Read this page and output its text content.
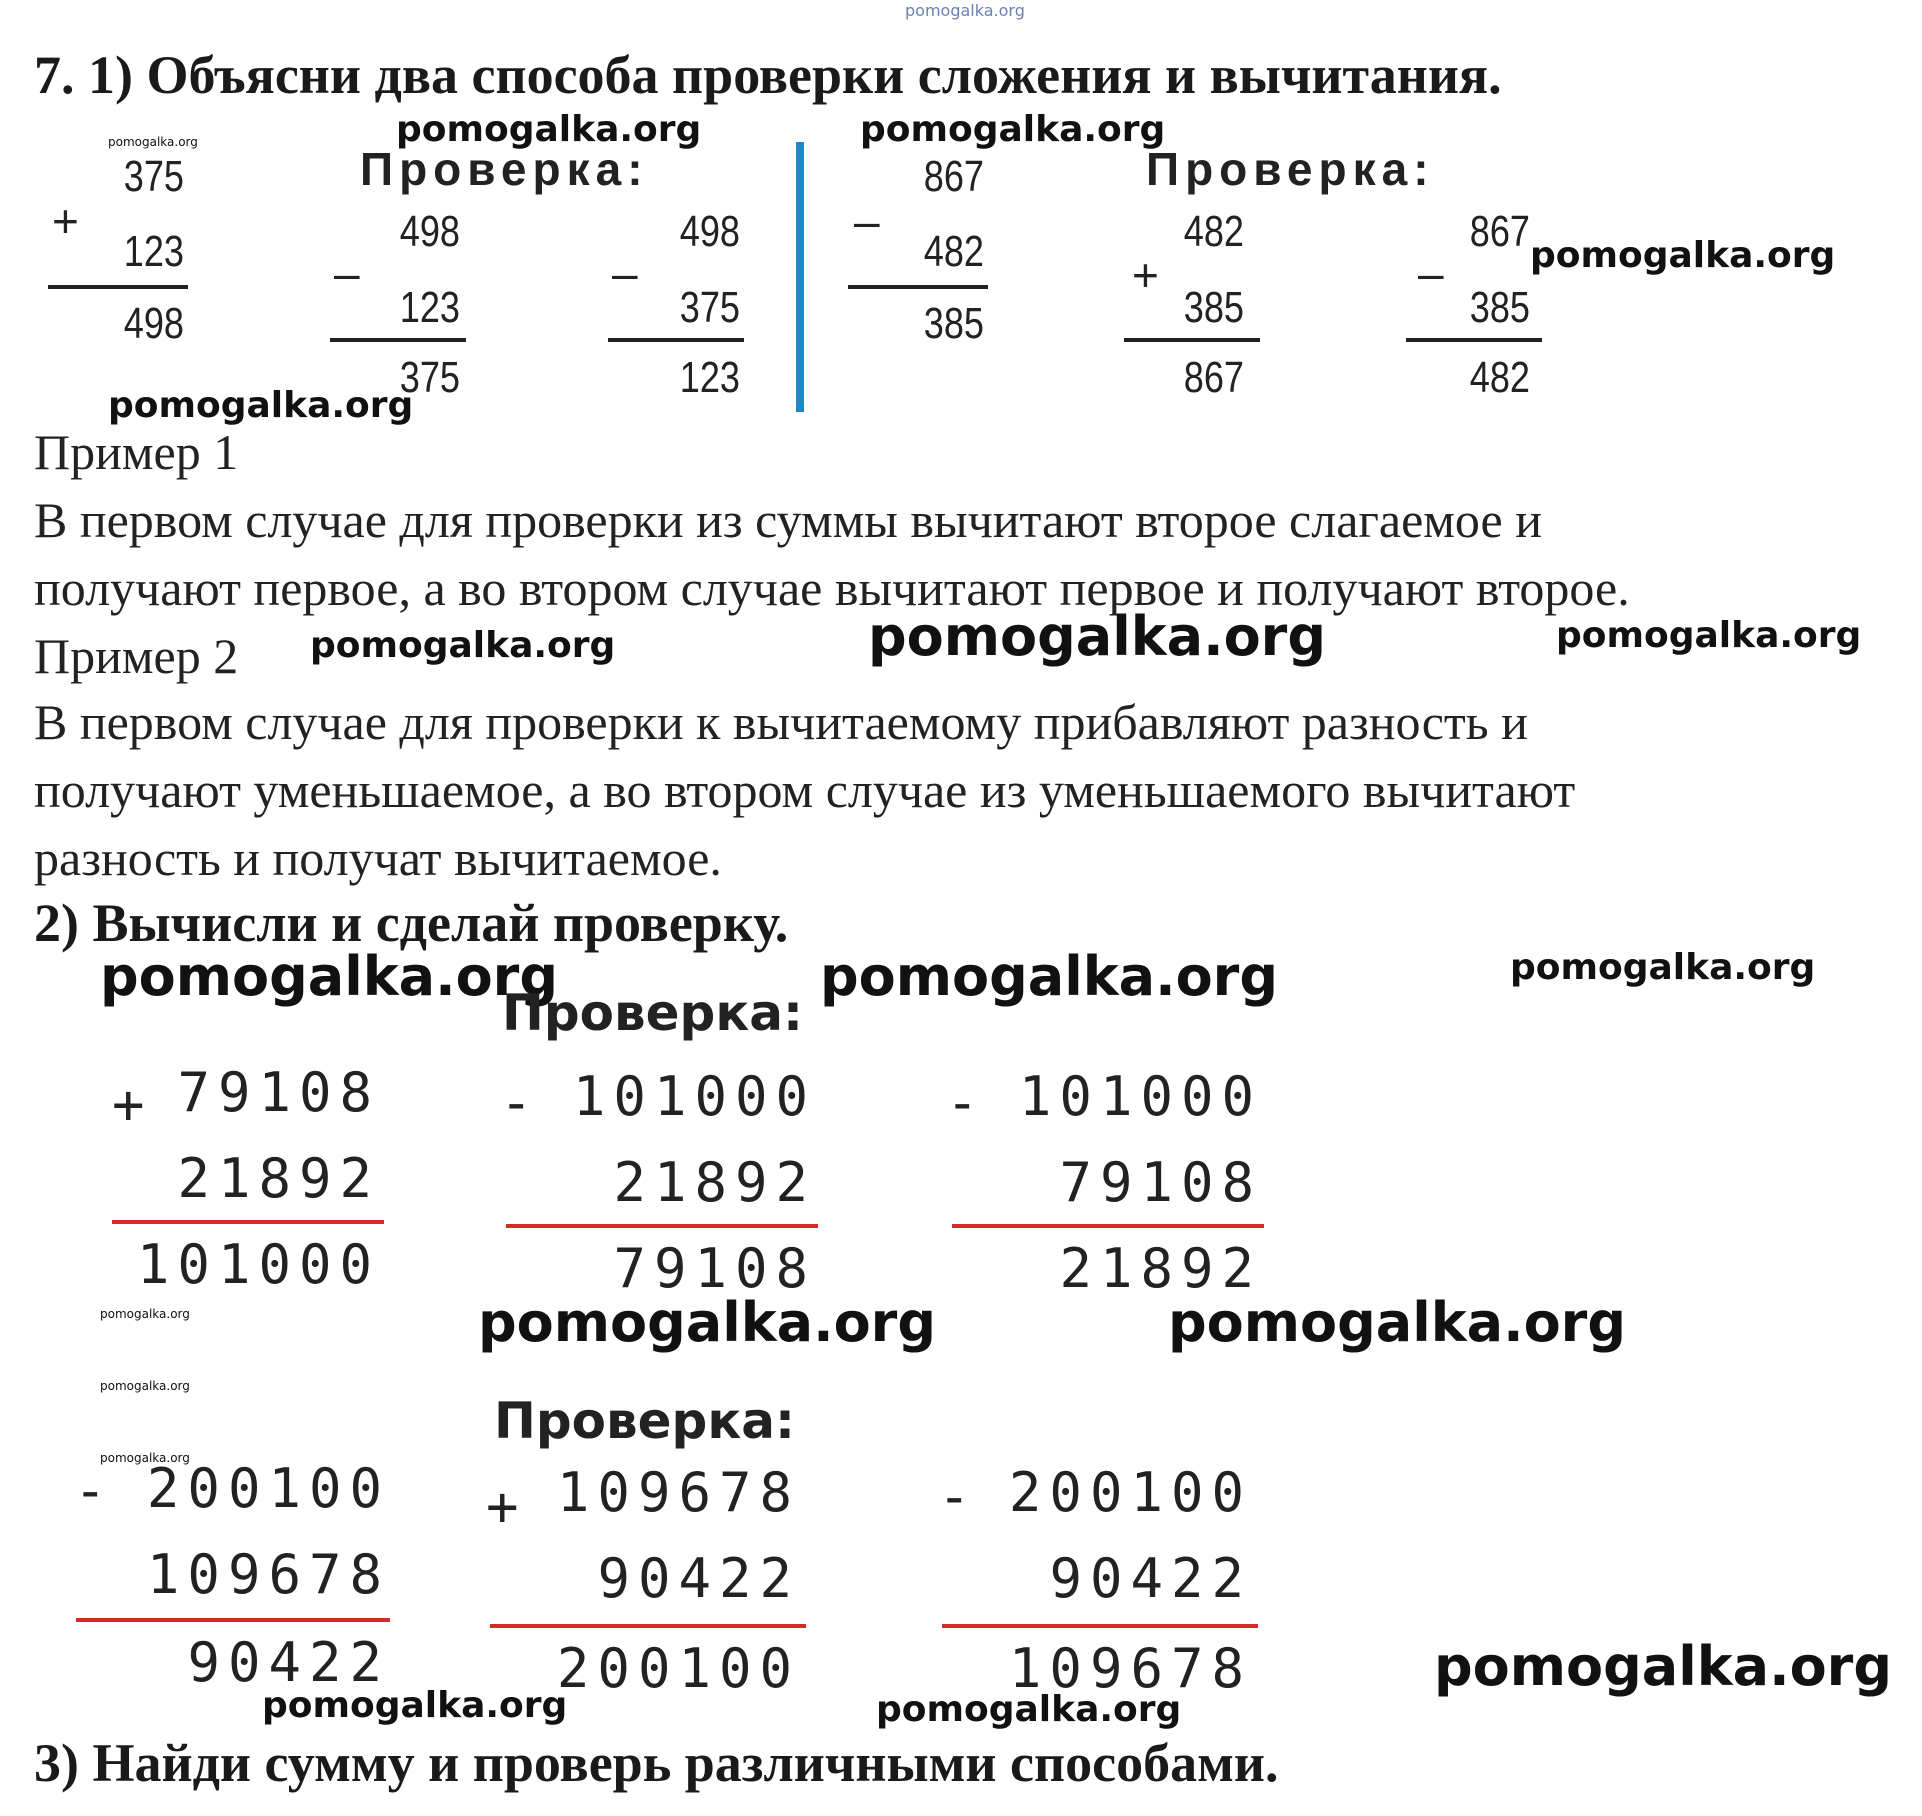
pomogalka.org
7. 1) Объясни два способа проверки сложения и вычитания.
+
375
123
498
Проверка:
–
498
123
375
–
498
375
123
–
867
482
385
Проверка:
+
482
385
867
–
867
385
482
pomogalka.org	pomogalka.org	pomogalka.org
pomogalka.org
pomogalka.org
Пример 1
В первом случае для проверки из суммы вычитают второе слагаемое и
получают первое, а во втором случае вычитают первое и получают второе.
Пример 2 pomogalka.org	pomogalka.org	pomogalka.org
В первом случае для проверки к вычитаемому прибавляют разность и
получают уменьшаемое, а во втором случае из уменьшаемого вычитают
разность и получат вычитаемое.
2) Вычисли и сделай проверку.
pomogalka.org	pomogalka.org	pomogalka.org
Проверка:
+ 79108
21892
101000
- 101000
21892
79108
- 101000
79108
21892
pomogalka.org	pomogalka.org	pomogalka.org
pomogalka.org
Проверка:
pomogalka.org
- 200100
109678
90422
+ 109678
90422
200100
- 200100
90422
109678	pomogalka.org
pomogalka.org	pomogalka.org
3) Найди сумму и проверь различными способами.
